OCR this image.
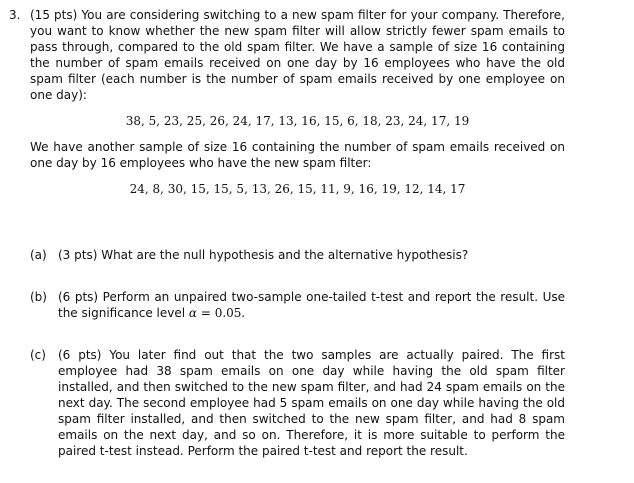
3. (15 pts) You are considering switching to a new spam filter for your company. Therefore, you want to know whether the new spam filter will allow strictly fewer spam emails to pass through, compared to the old spam filter. We have a sample of size 16 containing the number of spam emails received on one day by 16 employees who have the old spam filter (each number is the number of spam emails received by one employee on one day):
38, 5, 23, 25, 26, 24, 17, 13, 16, 15, 6, 18, 23, 24, 17, 19
We have another sample of size 16 containing the number of spam emails received on one day by 16 employees who have the new spam filter:
24, 8, 30, 15, 15, 5, 13, 26, 15, 11, 9, 16, 19, 12, 14, 17
(a) (3 pts) What are the null hypothesis and the alternative hypothesis?
(b) (6 pts) Perform an unpaired two-sample one-tailed t-test and report the result. Use the significance level α = 0.05.
(c) (6 pts) You later find out that the two samples are actually paired. The first employee had 38 spam emails on one day while having the old spam filter installed, and then switched to the new spam filter, and had 24 spam emails on the next day. The second employee had 5 spam emails on one day while having the old spam filter installed, and then switched to the new spam filter, and had 8 spam emails on the next day, and so on. Therefore, it is more suitable to perform the paired t-test instead. Perform the paired t-test and report the result.
